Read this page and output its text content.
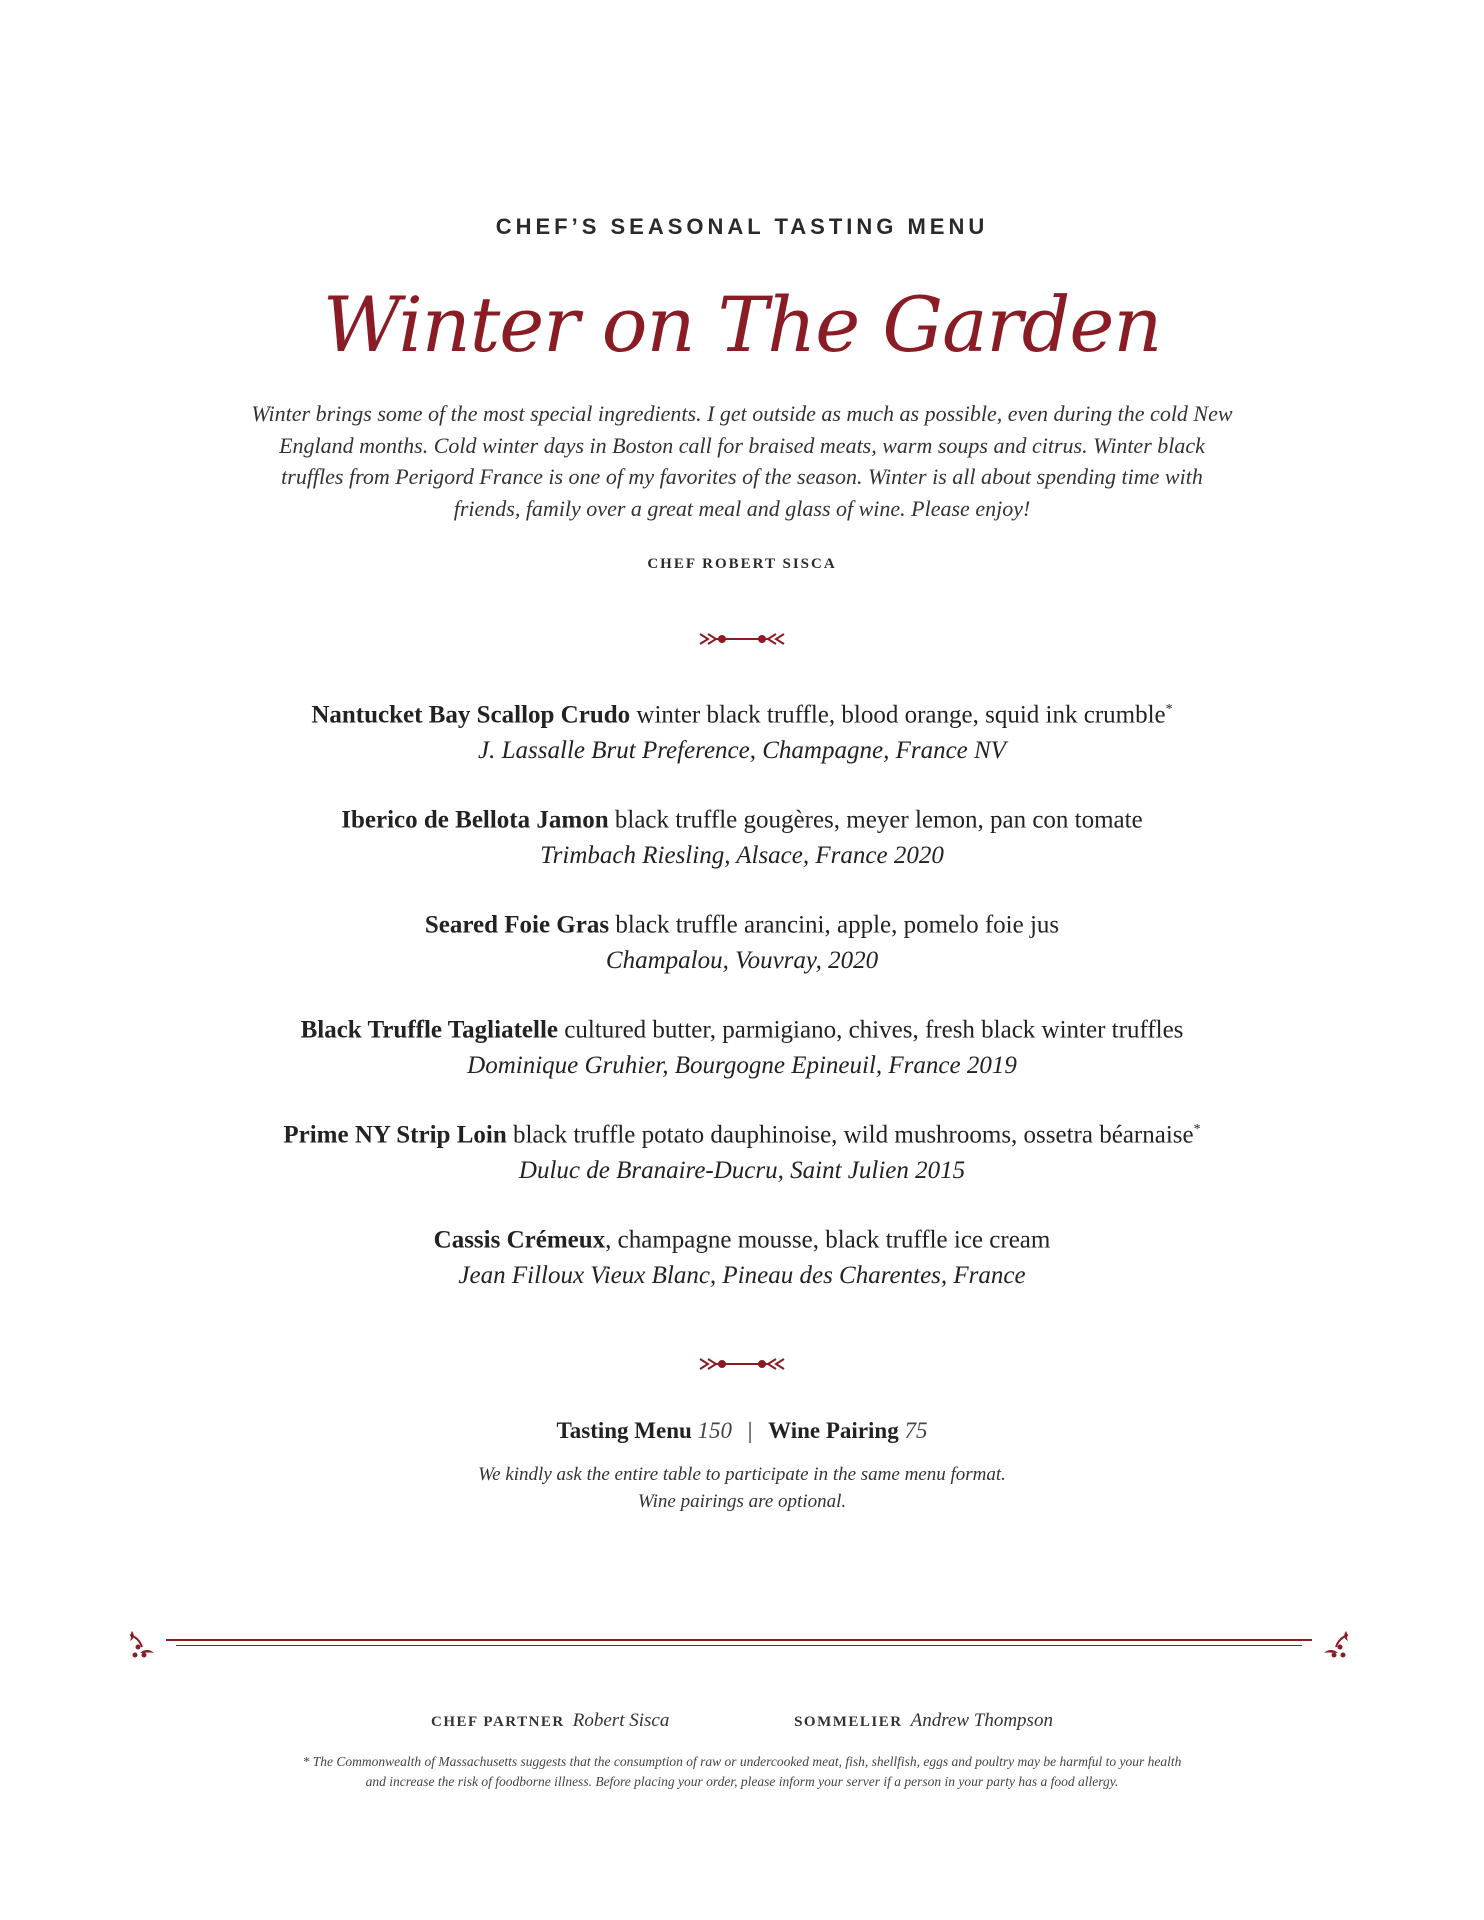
CHEF’S SEASONAL TASTING MENU
Winter on The Garden
Winter brings some of the most special ingredients. I get outside as much as possible, even during the cold New England months. Cold winter days in Boston call for braised meats, warm soups and citrus. Winter black truffles from Perigord France is one of my favorites of the season. Winter is all about spending time with friends, family over a great meal and glass of wine. Please enjoy!
CHEF ROBERT SISCA
Nantucket Bay Scallop Crudo winter black truffle, blood orange, squid ink crumble*
J. Lassalle Brut Preference, Champagne, France NV
Iberico de Bellota Jamon black truffle gougères, meyer lemon, pan con tomate
Trimbach Riesling, Alsace, France 2020
Seared Foie Gras black truffle arancini, apple, pomelo foie jus
Champalou, Vouvray, 2020
Black Truffle Tagliatelle cultured butter, parmigiano, chives, fresh black winter truffles
Dominique Gruhier, Bourgogne Epineuil, France 2019
Prime NY Strip Loin black truffle potato dauphinoise, wild mushrooms, ossetra béarnaise*
Duluc de Branaire-Ducru, Saint Julien 2015
Cassis Crémeux, champagne mousse, black truffle ice cream
Jean Filloux Vieux Blanc, Pineau des Charentes, France
Tasting Menu 150 | Wine Pairing 75
We kindly ask the entire table to participate in the same menu format.
Wine pairings are optional.
CHEF PARTNER Robert Sisca	SOMMELIER Andrew Thompson
* The Commonwealth of Massachusetts suggests that the consumption of raw or undercooked meat, fish, shellfish, eggs and poultry may be harmful to your health
and increase the risk of foodborne illness. Before placing your order, please inform your server if a person in your party has a food allergy.
